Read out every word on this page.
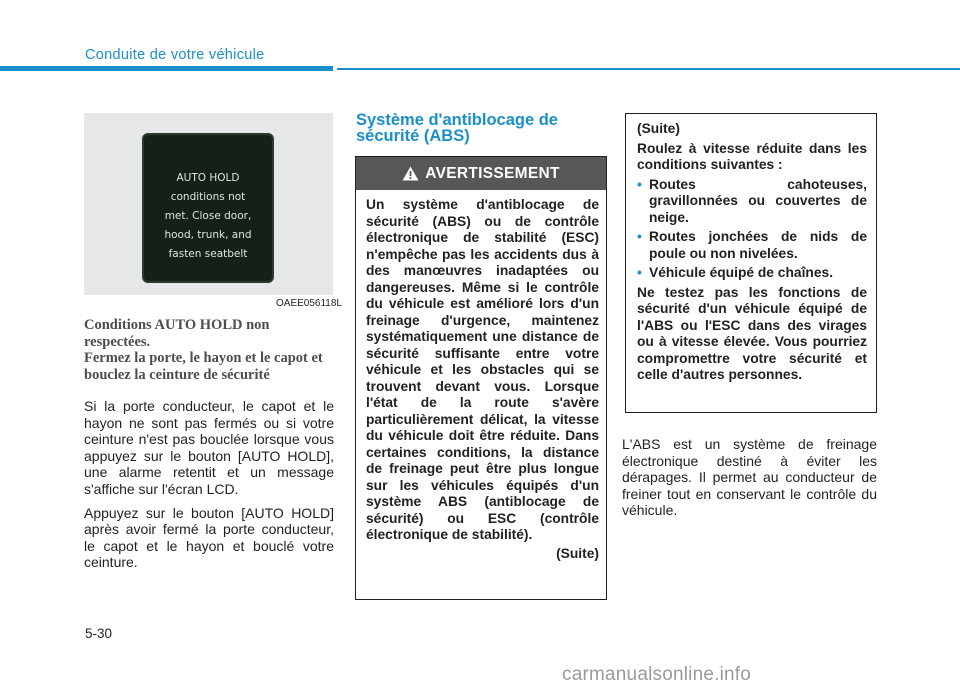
Conduite de votre véhicule
AUTO HOLD
conditions not
met. Close door,
hood, trunk, and
fasten seatbelt
OAEE056118L

Conditions AUTO HOLD non respectées.

Fermez la porte, le hayon et le capot et bouclez la ceinture de sécurité

Si la porte conducteur, le capot et le hayon ne sont pas fermés ou si votre ceinture n'est pas bouclée lorsque vous appuyez sur le bouton [AUTO HOLD], une alarme retentit et un message s'affiche sur l'écran LCD.

Appuyez sur le bouton [AUTO HOLD] après avoir fermé la porte conducteur, le capot et le hayon et bouclé votre ceinture.

Système d'antiblocage de sécurité (ABS)
AVERTISSEMENT
Un système d'antiblocage de sécurité (ABS) ou de contrôle électronique de stabilité (ESC) n'empêche pas les accidents dus à des manœuvres inadaptées ou dangereuses. Même si le contrôle du véhicule est amélioré lors d'un freinage d'urgence, maintenez systématiquement une distance de sécurité suffisante entre votre véhicule et les obstacles qui se trouvent devant vous. Lorsque l'état de la route s'avère particulièrement délicat, la vitesse du véhicule doit être réduite. Dans certaines conditions, la distance de freinage peut être plus longue sur les véhicules équipés d'un système ABS (antiblocage de sécurité) ou ESC (contrôle électronique de stabilité).
(Suite)

(Suite)

Roulez à vitesse réduite dans les conditions suivantes :

• Routes cahoteuses, gravillonnées ou couvertes de neige.
• Routes jonchées de nids de poule ou non nivelées.
• Véhicule équipé de chaînes.

Ne testez pas les fonctions de sécurité d'un véhicule équipé de l'ABS ou l'ESC dans des virages ou à vitesse élevée. Vous pourriez compromettre votre sécurité et celle d'autres personnes.

L'ABS est un système de freinage électronique destiné à éviter les dérapages. Il permet au conducteur de freiner tout en conservant le contrôle du véhicule.
5-30
carmanualsonline.info
